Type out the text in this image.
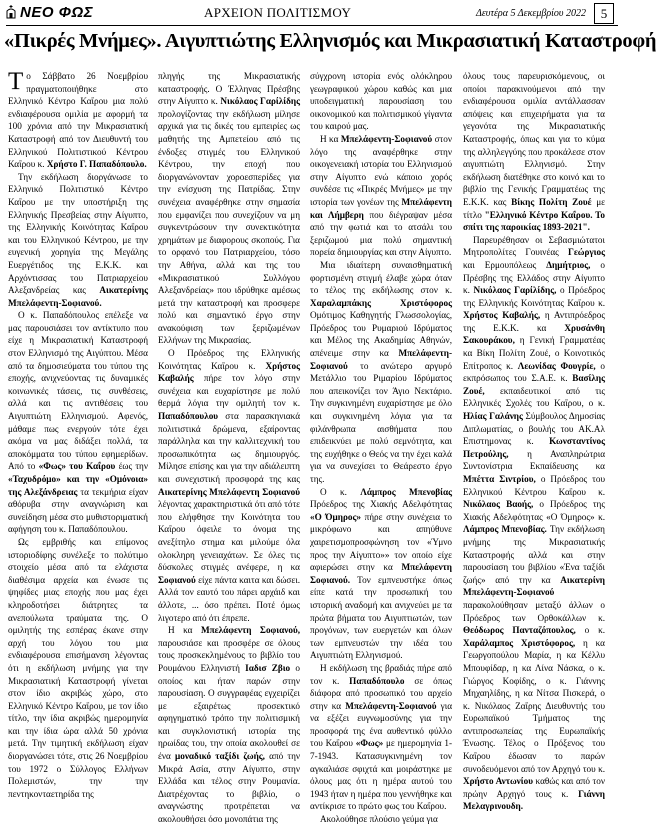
ΝΕΟ ΦΩΣ	ΑΡΧΕΙΟΝ ΠΟΛΙΤΙΣΜΟΥ	Δευτέρα 5 Δεκεμβρίου 2022	5
«Πικρές Μνήμες». Αιγυπτιώτης Ελληνισμός και Μικρασιατική Καταστροφή

Το Σάββατο 26 Νοεμβρίου πραγματοποιήθηκε στο Ελληνικό Κέντρο Καΐρου μια πολύ ενδιαφέρουσα ομιλία με αφορμή τα 100 χρόνια από την Μικρασιατική Καταστροφή από τον Διευθυντή του Ελληνικού Πολιτιστικού Κέντρου Καΐρου κ. Χρήστο Γ. Παπαδόπουλο.

Την εκδήλωση διοργάνωσε το Ελληνικό Πολιτιστικό Κέντρο Καΐρου με την υποστήριξη της Ελληνικής Πρεσβείας στην Αίγυπτο, της Ελληνικής Κοινότητας Καΐρου και του Ελληνικού Κέντρου, με την ευγενική χορηγία της Μεγάλης Ευεργέτιδος της Ε.Κ.Κ. και Αρχόντισσας του Πατριαρχείου Αλεξανδρείας κας Αικατερίνης Μπελάφεντη-Σοφιανού.

Ο κ. Παπαδόπουλος επέλεξε να μας παρουσιάσει τον αντίκτυπο που είχε η Μικρασιατική Καταστροφή στον Ελληνισμό της Αιγύπτου. Μέσα από τα δημοσιεύματα του τύπου της εποχής, ανιχνεύοντας τις δυναμικές κοινωνικές τάσεις, τις συνθέσεις, αλλά και τις αντιθέσεις του Αιγυπτιώτη Ελληνισμού. Αφενός, μάθαμε πως ενεργούν τότε έχει ακόμα να μας διδάξει πολλά, τα αποκόμματα του τύπου εφημερίδων. Από το «Φως» του Καΐρου έως την «Ταχυδρόμο» και την «Ομόνοια» της Αλεξάνδρειας τα τεκμήρια είχαν αθόρυβα στην αναγνώριση και συνείδηση μέσα στο μυθιστοριματική αφήγηση του κ. Παπαδόπουλου.

Ως εμβριθής και επίμονος ιστοριοδίφης συνέλεξε το πολύτιμο στοιχείο μέσα από τα ελάχιστα διαθέσιμα αρχεία και ένωσε τις ψηφίδες μιας εποχής που μας έχει κληροδοτήσει διάτρητες τα ανεπούλωτα τραύματα της. Ο ομιλητής της εσπέρας έκανε στην αρχή του λόγου του μια ενδιαφέρουσα επισήμανση λέγοντας ότι η εκδήλωση μνήμης για την Μικρασιατική Καταστροφή γίνεται στον ίδιο ακριβώς χώρο, στο Ελληνικό Κέντρο Καΐρου, με τον ίδιο τίτλο, την ίδια ακριβώς ημερομηνία και την ίδια ώρα αλλά 50 χρόνια μετά. Την τιμητική εκδήλωση είχαν διοργανώσει τότε, στις 26 Νοεμβρίου του 1972 ο Σύλλογος Ελλήνων Πολεμιστών, την την πεντηκονταετηρίδα της

πληγής της Μικρασιατικής καταστροφής. Ο Έλληνας Πρέσβης στην Αίγυπτο κ. Νικόλαος Γαρίλίδης προλογίζοντας την εκδήλωση μίλησε αρχικά για τις δικές του εμπειρίες ως μαθητής της Αμπετείου από τις ένδοξες στιγμές του Ελληνικού Κέντρου, την εποχή που διοργανώνονταν χοροεσπερίδες για την ενίσχυση της Πατρίδας. Στην συνέχεια αναφέρθηκε στην σημασία που εμφανίζει που συνεχίζουν να μη συγκεντρώσουν την συνεκτικότητα χρημάτων με διαφορους σκοπούς. Για το ορφανό του Πατριαρχείου, τόσο την Αθήνα, αλλά και της του «Μικρασιατικού Συλλόγου Αλεξανδρείας» που ιδρύθηκε αμέσως μετά την καταστροφή και προσφερε πολύ και σημαντικό έργο στην ανακούφιση των ξεριζωμένων Ελλήνων της Μικρασίας.

Ο Πρόεδρος της Ελληνικής Κοινότητας Καΐρου κ. Χρήστος Καβαλής πήρε τον λόγο στην συνέχεια και ευχαρίστησε με πολύ θερμά λόγια την ομιλητή τον κ. Παπαδόπουλου στα παρασκηνιακά πολιτιστικά δρώμενα, εξαίροντας παράλληλα και την καλλιτεχνική του προσωπικότητα ως δημιουργός. Μίλησε επίσης και για την αδιάλειπτη και συνεχιστική προσφορά της κας Αικατερίνης Μπελάφεντη Σοφιανού λέγοντας χαρακτηριστικά ότι από τότε που ελήφθησε την Κοινότητα του Καΐρου όφειλε το όνομα της ανεξίτηλο στημα και μιλούμε όλα ολοκληρη γενειαχάτων. Σε όλες τις δύσκολες στιγμές ανέφερε, η κα Σοφιανού είχε πάντα καιτα και δώσει. Αλλά τον εαυτό του πάρει αρχάιδ και άλλοτε, ... όσο πρέπει. Ποτέ όμως λιγοτερο από ότι έπρεπε.

Η κα Μπελάφεντη Σοφιανού, παρουσιάσε και προσφέρε σε όλους τους προσκεκλημένους το βιβλίο του Ρουμάνου Ελληνιστή Ιαδισ Ζβιο ο οποίος και ήταν παρών στην παρουσίαση. Ο συγγραφέας εγχειρίζει με εξαιρέτως προσεκτικό αφηγηματικό τρόπο την πολιτισμική και συγκλονιστική ιστορία της ηρωίδας του, την οποία ακολουθεί σε ένα μοναδικό ταξίδι ζωής, από την Μικρά Ασία, στην Αίγυπτο, στην Ελλάδα και τέλος στην Ρουμανία. Διατρέχοντας το βιβλίο, ο αναγνώστης προτρέπεται να ακολουθήσει όσο μονοπάτια της

σύγχρονη ιστορία ενός ολόκληρου γεωγραφικού χώρου καθώς και μια υποδειγματική παρουσίαση του οικονομικού και πολιτισμικού γίγαντα του καιρού μας.

Η κα Μπελάφεντη-Σοφιανού στον λόγο της αναφέρθηκε στην οικογενειακή ιστορία του Ελληνισμού στην Αίγυπτο ενώ κάποιο χορός συνδέσε τις «Πικρές Μνήμες» με την ιστορία των γονέων της Μπελάφεντη και Λήμβερη που διέγραψαν μέσα από την φωτιά και το ατσάλι του ξεριζωμού μια πολύ σημαντική πορεία δημιουργίας και στην Αίγυπτο.

Μια ιδιαίτερη συναισθηματική φορτισμένη στιγμή έλαβε χώρα όταν το τέλος της εκδήλωσης στον κ. Χαραλαμπάκης Χριστόφορος Ομότιμος Καθηγητής Γλωσσολογίας, Πρόεδρος του Ρυμαριού Ιδρύματος και Μέλος της Ακαδημίας Αθηνών, απένειμε στην κα Μπελάφεντη-Σοφιανού το ανώτερο αργυρό Μετάλλιο του Ριμαρίου Ιδρύματος που απεικονίζει τον Άγιο Νεκτάριο. Την συγκινημένη ευχαρίστησε με όλο και συγκινημένη λόγια για τα φιλάνθρωπα αισθήματα που επιδεικνύει με πολύ σεμνότητα, και της ευχήθηκε ο Θεός να την έχει καλά για να συνεχίσει το Θεάρεστο έργο της.

Ο κ. Λάμπρος Μπενοβίας Πρόεδρος της Χιακής Αδελφότητας «Ο Όμηρος» πήρε στην συνέχεια το μικρόφωνο και απηύθυνε χαιρετισμοπροσφώνηση τον «Ύμνο προς την Αίγυπτο»» τον οποίο είχε αφιερώσει στην κα Μπελάφεντη Σοφιανού. Τον εμπνευστήκε όπως είπε κατά την προσωπική του ιστορική αναδομή και ανιχνεύει με τα πρώτα βήματα του Αιγυπτιωτών, των προγόνων, των ευεργετών και όλων των εμπνευστών την ιδέα του Αιγυπτιώτη Ελληνισμού.

Η εκδήλωση της βραδιάς πήρε από τον κ. Παπαδόπουλο σε όπως διάφορα από προσωπικό του αρχείο στην κα Μπελάφεντη-Σοφιανού για να εξέζει ευγνωμοσύνης για την προσφορά της ένα αυθεντικό φύλλο του Καΐρου «Φως» με ημερομηνία 1-7-1943. Κατασυγκινημένη τον αγκαλιάσε σφιχτά και μοιράστηκε με όλους μας ότι η ημέρα αυτού του 1943 ήταν η ημέρα που γεννήθηκε και αντίκρισε το πρώτο φως του Καΐρου.

Ακολούθησε πλούσιο γεύμα για

όλους τους παρευρισκόμενους, οι οποίοι παρακινούμενοι από την ενδιαφέρουσα ομιλία αντάλλασσαν απόψεις και επιχειρήματα για τα γεγονότα της Μικρασιατικής Καταστροφής, όπως και για το κύμα της αλληλεγγύης που προκάλεσε στον αιγυπτιώτη Ελληνισμό. Στην εκδήλωση διατέθηκε στο κοινό και το βιβλίο της Γενικής Γραμματέως της Ε.Κ.Κ. κας Βίκης Πολίτη Ζουέ με τίτλο "Ελληνικό Κέντρο Καΐρου. Το σπίτι της παροικίας 1893-2021".

Παρευρέθησαν οι Σεβασμιώτατοι Μητροπολίτες Γουινέας Γεώργιος και Ερμουπόλεως Δημήτριος, ο Πρέσβης της Ελλάδος στην Αίγυπτο κ. Νικόλαος Γαρίλίδης, ο Πρόεδρος της Ελληνικής Κοινότητας Καΐρου κ. Χρήστος Καβαλής, η Αντιπρόεδρος της Ε.Κ.Κ. κα Χρυσάνθη Σακουράκου, η Γενική Γραμματέας κα Βίκη Πολίτη Ζουέ, ο Κοινοτικός Επίτροπος κ. Λεωνίδας Φουγρίε, ο εκπρόσωπος του Σ.Α.Ε. κ. Βασίλης Ζουέ, εκπαιδευτικοί από τις Ελληνικές Σχολές του Καΐρου, ο κ. Ηλίας Γαλάνης Σύμβουλος Δημοσίας Διπλωματίας, ο βουλής του ΑΚ.Αλ Επιστημονας κ. Κωνσταντίνος Πετρούλης, η Αναπληρώτρια Συντονίστρια Εκπαίδευσης κα Μπέττα Σιντρίου, ο Πρόεδρος του Ελληνικού Κέντρου Καΐρου κ. Νικόλαος Βαοής, ο Πρόεδρος της Χιακής Αδελφότητας «Ο Όμηρος» κ. Λάμπρος Μπενοβίας. Την εκδήλωση μνήμης της Μικρασιατικής Καταστροφής αλλά και στην παρουσίαση του βιβλίου «Ένα ταξίδι ζωής» από την κα Αικατερίνη Μπελάφεντη-Σοφιανού παρακολούθησαν μεταξύ άλλων ο Πρόεδρος των Ορθοκάλλων κ. Θεόδωρος Πανταζόπουλος, ο κ. Χαράλαμπος Χριστόφορος, η κα Γεωργοπούλου Μαρία, η κα Κέλλυ Μπουφίδαρ, η κα Λίνα Νάσκα, ο κ. Γιώργος Κοφίδης, ο κ. Γιάννης Μηχαηλίδης, η κα Νίτσα Πισκερά, ο κ. Νικόλαος Ζαΐρης Διευθυντής του Ευρωπαϊκού Τμήματος της αντιπροσωπείας της Ευρωπαϊκής Ένωσης. Τέλος ο Πρόξενος του Καΐρου έδωσαν το παρών συνοδευόμενοι από τον Αρχηγό του κ. Χρήστο Αντωνίου καθώς και από τον πρώην Αρχηγό τους κ. Γιάννη Μελαγρινουδη.
